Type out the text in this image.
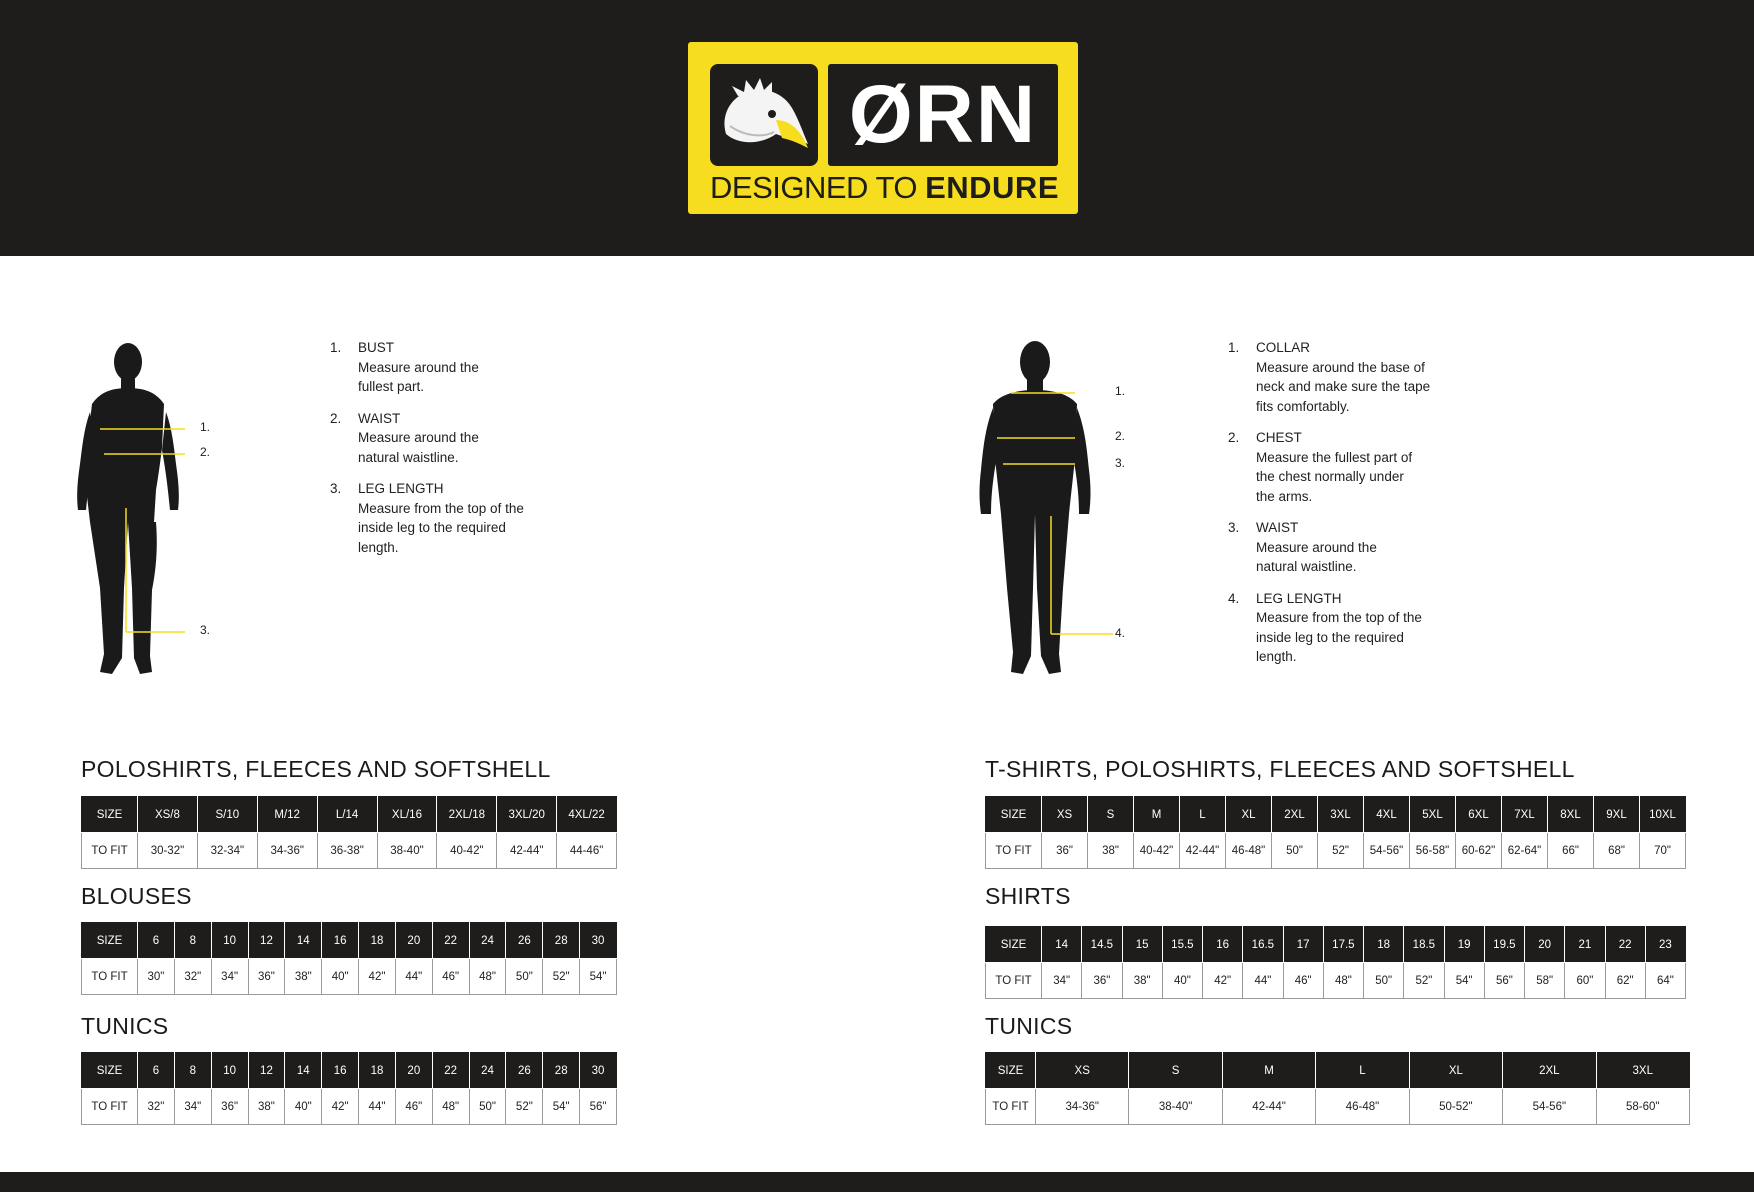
ØRN
DESIGNED TO ENDURE
1.
2.
3.
1. BUST
Measure around the fullest part.
2. WAIST
Measure around the natural waistline.
3. LEG LENGTH
Measure from the top of the inside leg to the required length.
1.
2.
3.
4.
1. COLLAR
Measure around the base of neck and make sure the tape fits comfortably.
2. CHEST
Measure the fullest part of the chest normally under the arms.
3. WAIST
Measure around the natural waistline.
4. LEG LENGTH
Measure from the top of the inside leg to the required length.
POLOSHIRTS, FLEECES AND SOFTSHELL
SIZE	XS/8	S/10	M/12	L/14	XL/16	2XL/18	3XL/20	4XL/22
TO FIT	30-32"	32-34"	34-36"	36-38"	38-40"	40-42"	42-44"	44-46"
BLOUSES
SIZE	6	8	10	12	14	16	18	20	22	24	26	28	30
TO FIT	30"	32"	34"	36"	38"	40"	42"	44"	46"	48"	50"	52"	54"
TUNICS
SIZE	6	8	10	12	14	16	18	20	22	24	26	28	30
TO FIT	32"	34"	36"	38"	40"	42"	44"	46"	48"	50"	52"	54"	56"
T-SHIRTS, POLOSHIRTS, FLEECES AND SOFTSHELL
SIZE	XS	S	M	L	XL	2XL	3XL	4XL	5XL	6XL	7XL	8XL	9XL	10XL
TO FIT	36"	38"	40-42"	42-44"	46-48"	50"	52"	54-56"	56-58"	60-62"	62-64"	66"	68"	70"
SHIRTS
SIZE	14	14.5	15	15.5	16	16.5	17	17.5	18	18.5	19	19.5	20	21	22	23
TO FIT	34"	36"	38"	40"	42"	44"	46"	48"	50"	52"	54"	56"	58"	60"	62"	64"
TUNICS
SIZE	XS	S	M	L	XL	2XL	3XL
TO FIT	34-36"	38-40"	42-44"	46-48"	50-52"	54-56"	58-60"
